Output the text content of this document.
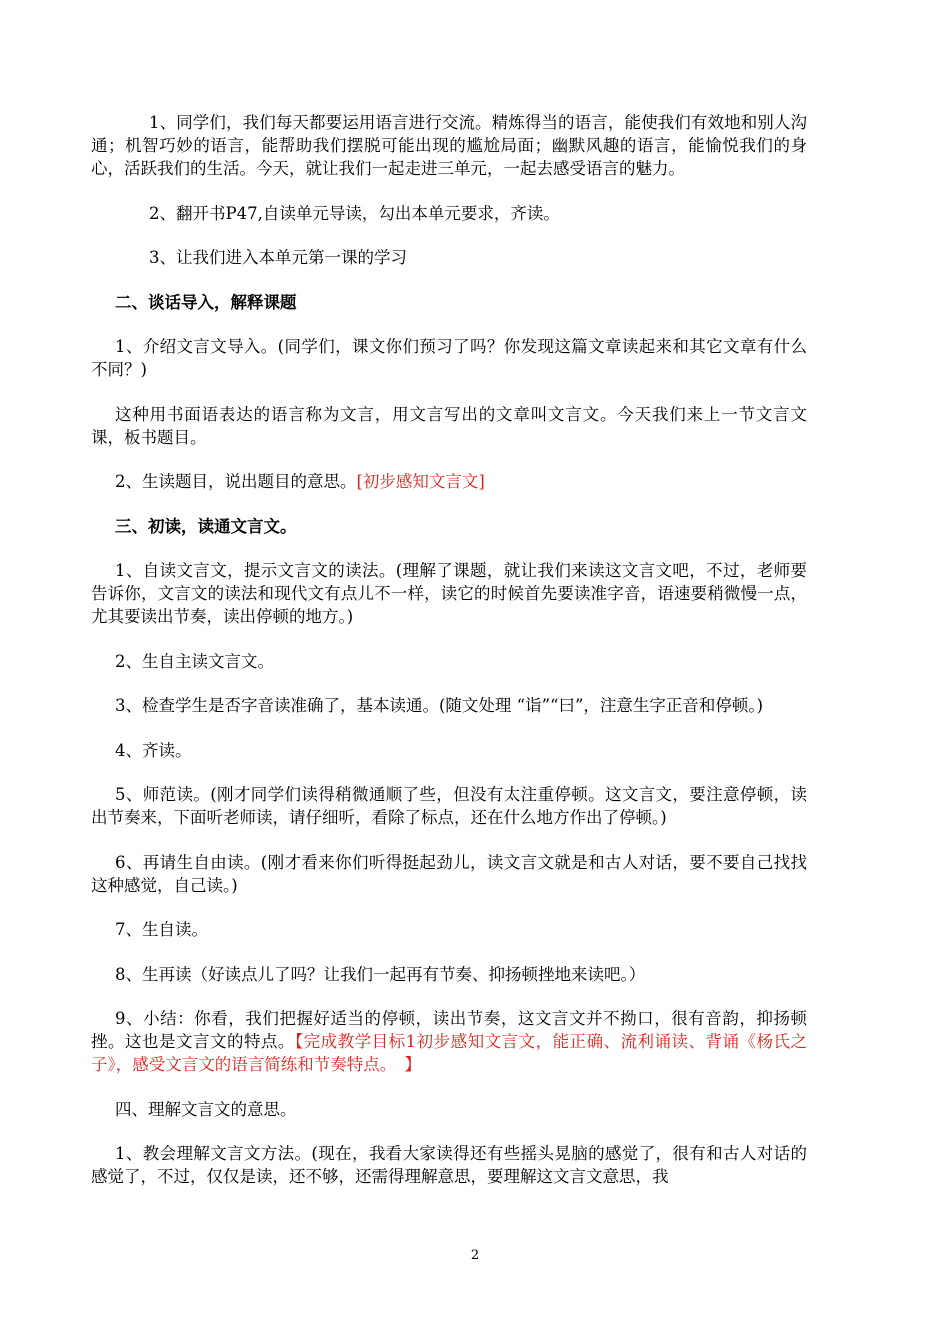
1、同学们，我们每天都要运用语言进行交流。精炼得当的语言，能使我们有效地和别人沟通；机智巧妙的语言，能帮助我们摆脱可能出现的尴尬局面；幽默风趣的语言，能愉悦我们的身心，活跃我们的生活。今天，就让我们一起走进三单元，一起去感受语言的魅力。

2、翻开书P47,自读单元导读，勾出本单元要求，齐读。

3、让我们进入本单元第一课的学习

二、谈话导入，解释课题

1、介绍文言文导入。(同学们，课文你们预习了吗？你发现这篇文章读起来和其它文章有什么不同？)

这种用书面语表达的语言称为文言，用文言写出的文章叫文言文。今天我们来上一节文言文课，板书题目。

2、生读题目，说出题目的意思。[初步感知文言文]

三、初读，读通文言文。

1、自读文言文，提示文言文的读法。(理解了课题，就让我们来读这文言文吧，不过，老师要告诉你，文言文的读法和现代文有点儿不一样，读它的时候首先要读准字音，语速要稍微慢一点，尤其要读出节奏，读出停顿的地方。)

2、生自主读文言文。

3、检查学生是否字音读准确了，基本读通。(随文处理 “诣”“曰”，注意生字正音和停顿。)

4、齐读。

5、师范读。(刚才同学们读得稍微通顺了些，但没有太注重停顿。这文言文，要注意停顿，读出节奏来，下面听老师读，请仔细听，看除了标点，还在什么地方作出了停顿。)

6、再请生自由读。(刚才看来你们听得挺起劲儿，读文言文就是和古人对话，要不要自己找找这种感觉，自己读。)

7、生自读。

8、生再读（好读点儿了吗？让我们一起再有节奏、抑扬顿挫地来读吧。）

9、小结：你看，我们把握好适当的停顿，读出节奏，这文言文并不拗口，很有音韵，抑扬顿挫。这也是文言文的特点。【完成教学目标1初步感知文言文，能正确、流利诵读、背诵《杨氏之子》，感受文言文的语言简练和节奏特点。　】

四、理解文言文的意思。

1、教会理解文言文方法。(现在，我看大家读得还有些摇头晃脑的感觉了，很有和古人对话的感觉了，不过，仅仅是读，还不够，还需得理解意思，要理解这文言文意思，我

2
